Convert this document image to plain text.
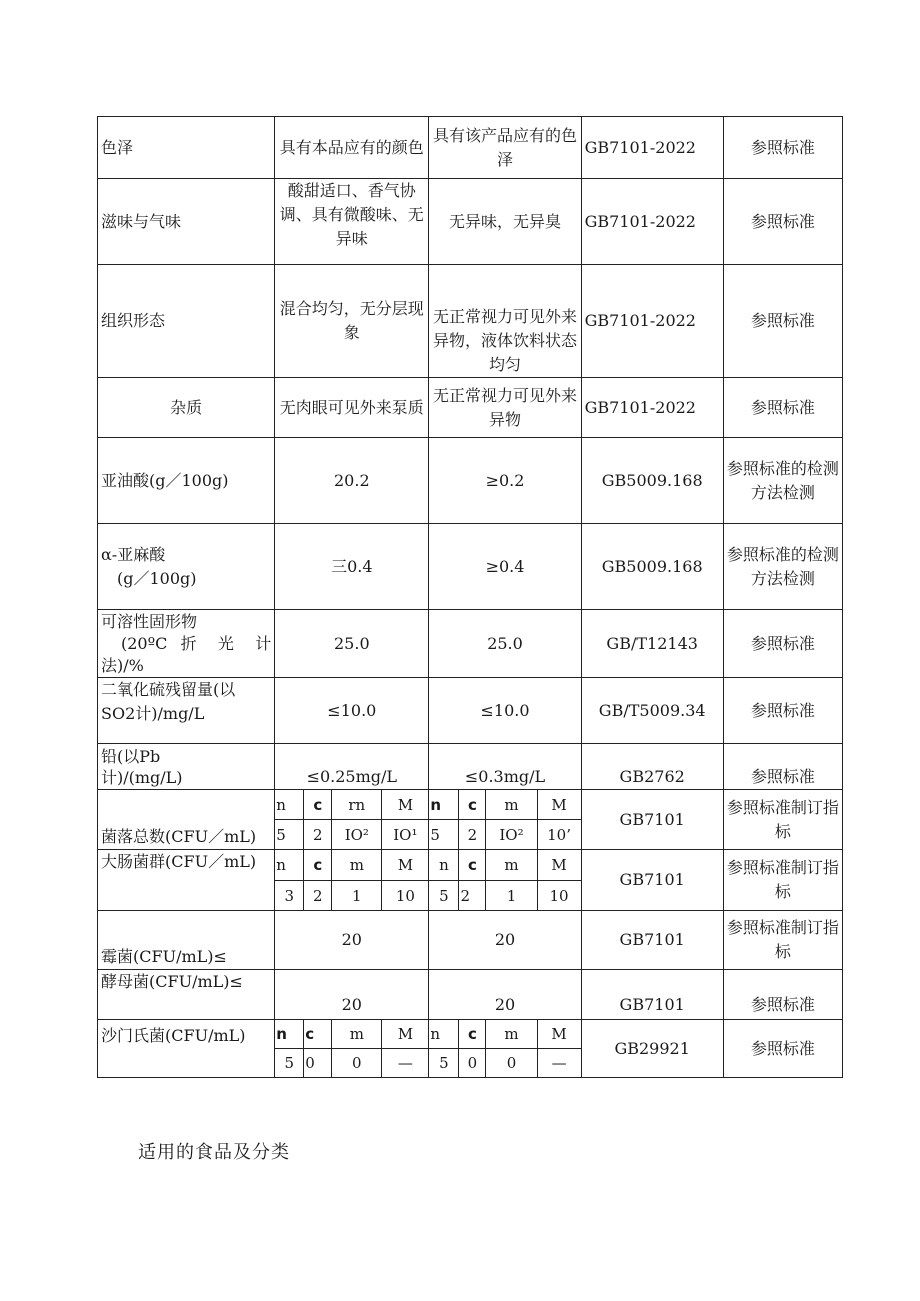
色泽	具有本品应有的颜色				具有该产品应有的色泽				GB7101-2022	参照标准
滋味与气味	酸甜适口、香气协调、具有微酸味、无异味				无异味，无异臭				GB7101-2022	参照标准
组织形态	混合均匀，无分层现象				无正常视力可见外来异物，液体饮料状态均匀				GB7101-2022	参照标准
杂质	无肉眼可见外来泵质				无正常视力可见外来异物				GB7101-2022	参照标准
亚油酸(g／100g)	20.2				≥0.2				GB5009.168	参照标准的检测方法检测

α-亚麻酸
(g／100g)	三0.4				≥0.4				GB5009.168	参照标准的检测方法检测

可溶性固形物
(20ºC 折 光 计
法)/%	25.0				25.0				GB/T12143	参照标准

二氧化硫残留量(以
SO2计)/mg/L	≤10.0				≤10.0				GB/T5009.34	参照标准

铅(以Pb
计)/(mg/L)	≤0.25mg/L				≤0.3mg/L				GB2762	参照标准
菌落总数(CFU／mL)	n	c	rn	M	n	c	m	M	GB7101	参照标准制订指标
	5	2	IO²	IO¹	5	2	IO²	10’		
大肠菌群(CFU／mL)	n	c	m	M	n	c	m	M	GB7101	参照标准制订指标
	3	2	1	10	5	2	1	10		
霉菌(CFU/mL)≤	20				20				GB7101	参照标准制订指标
酵母菌(CFU/mL)≤	20				20				GB7101	参照标准
沙门氏菌(CFU/mL)	n	c	m	M	n	c	m	M	GB29921	参照标准
	5	0	0	—	5	0	0	—		
适用的食品及分类
